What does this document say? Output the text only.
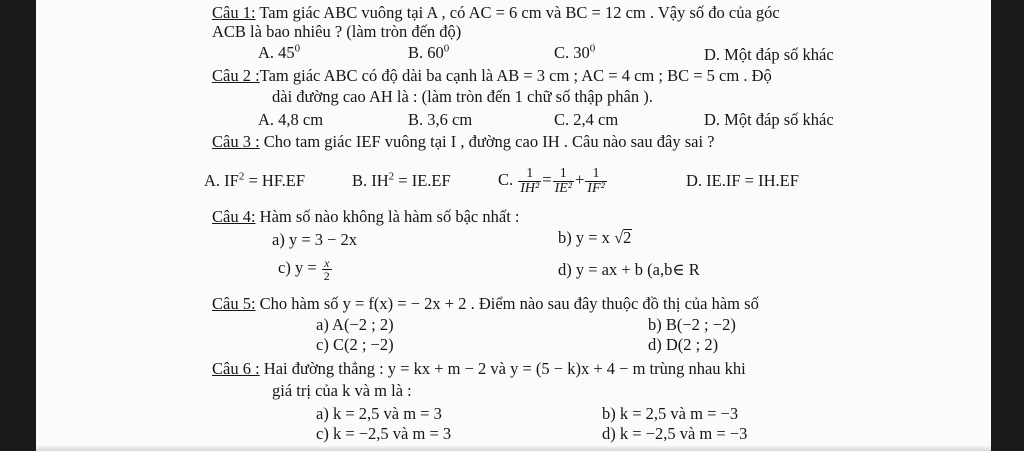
Câu 1: Tam giác ABC vuông tại A , có AC = 6 cm và BC = 12 cm . Vậy số đo của góc
ACB là bao nhiêu ? (làm tròn đến độ)
A. $45^0$	B. $60^0$	C. $30^0$	D. Một đáp số khác
Câu 2 :Tam giác ABC có độ dài ba cạnh là AB = 3 cm ; AC = 4 cm ; BC = 5 cm . Độ
dài đường cao AH là : (làm tròn đến 1 chữ số thập phân ).
A. 4,8 cm	B. 3,6 cm	C. 2,4 cm	D. Một đáp số khác
Câu 3 : Cho tam giác IEF vuông tại I , đường cao IH . Câu nào sau đây sai ?
A. $IF^2 = HF.EF$	B. $IH^2 = IE.EF$	C. $\frac{1}{\text{IH²}} = \frac{1}{\text{IE²}} + \frac{1}{\text{IF²}}$	D. IE.IF = IH.EF
Câu 4: Hàm số nào không là hàm số bậc nhất :
a) y = 3 − 2x	b) y = x √2
c) $y = \frac{x}{2}$	d) y = ax + b (a,b∈ R
Câu 5: Cho hàm số y = f(x) = − 2x + 2 . Điểm nào sau đây thuộc đồ thị của hàm số
a) A(−2 ; 2)	b) B(−2 ; −2)
c) C(2 ; −2)	d) D(2 ; 2)
Câu 6 : Hai đường thẳng : y = kx + m − 2 và y = (5 − k)x + 4 − m trùng nhau khi
giá trị của k và m là :
a) k = 2,5 và m = 3	b) k = 2,5 và m = −3
c) k = −2,5 và m = 3	d) k = −2,5 và m = −3
